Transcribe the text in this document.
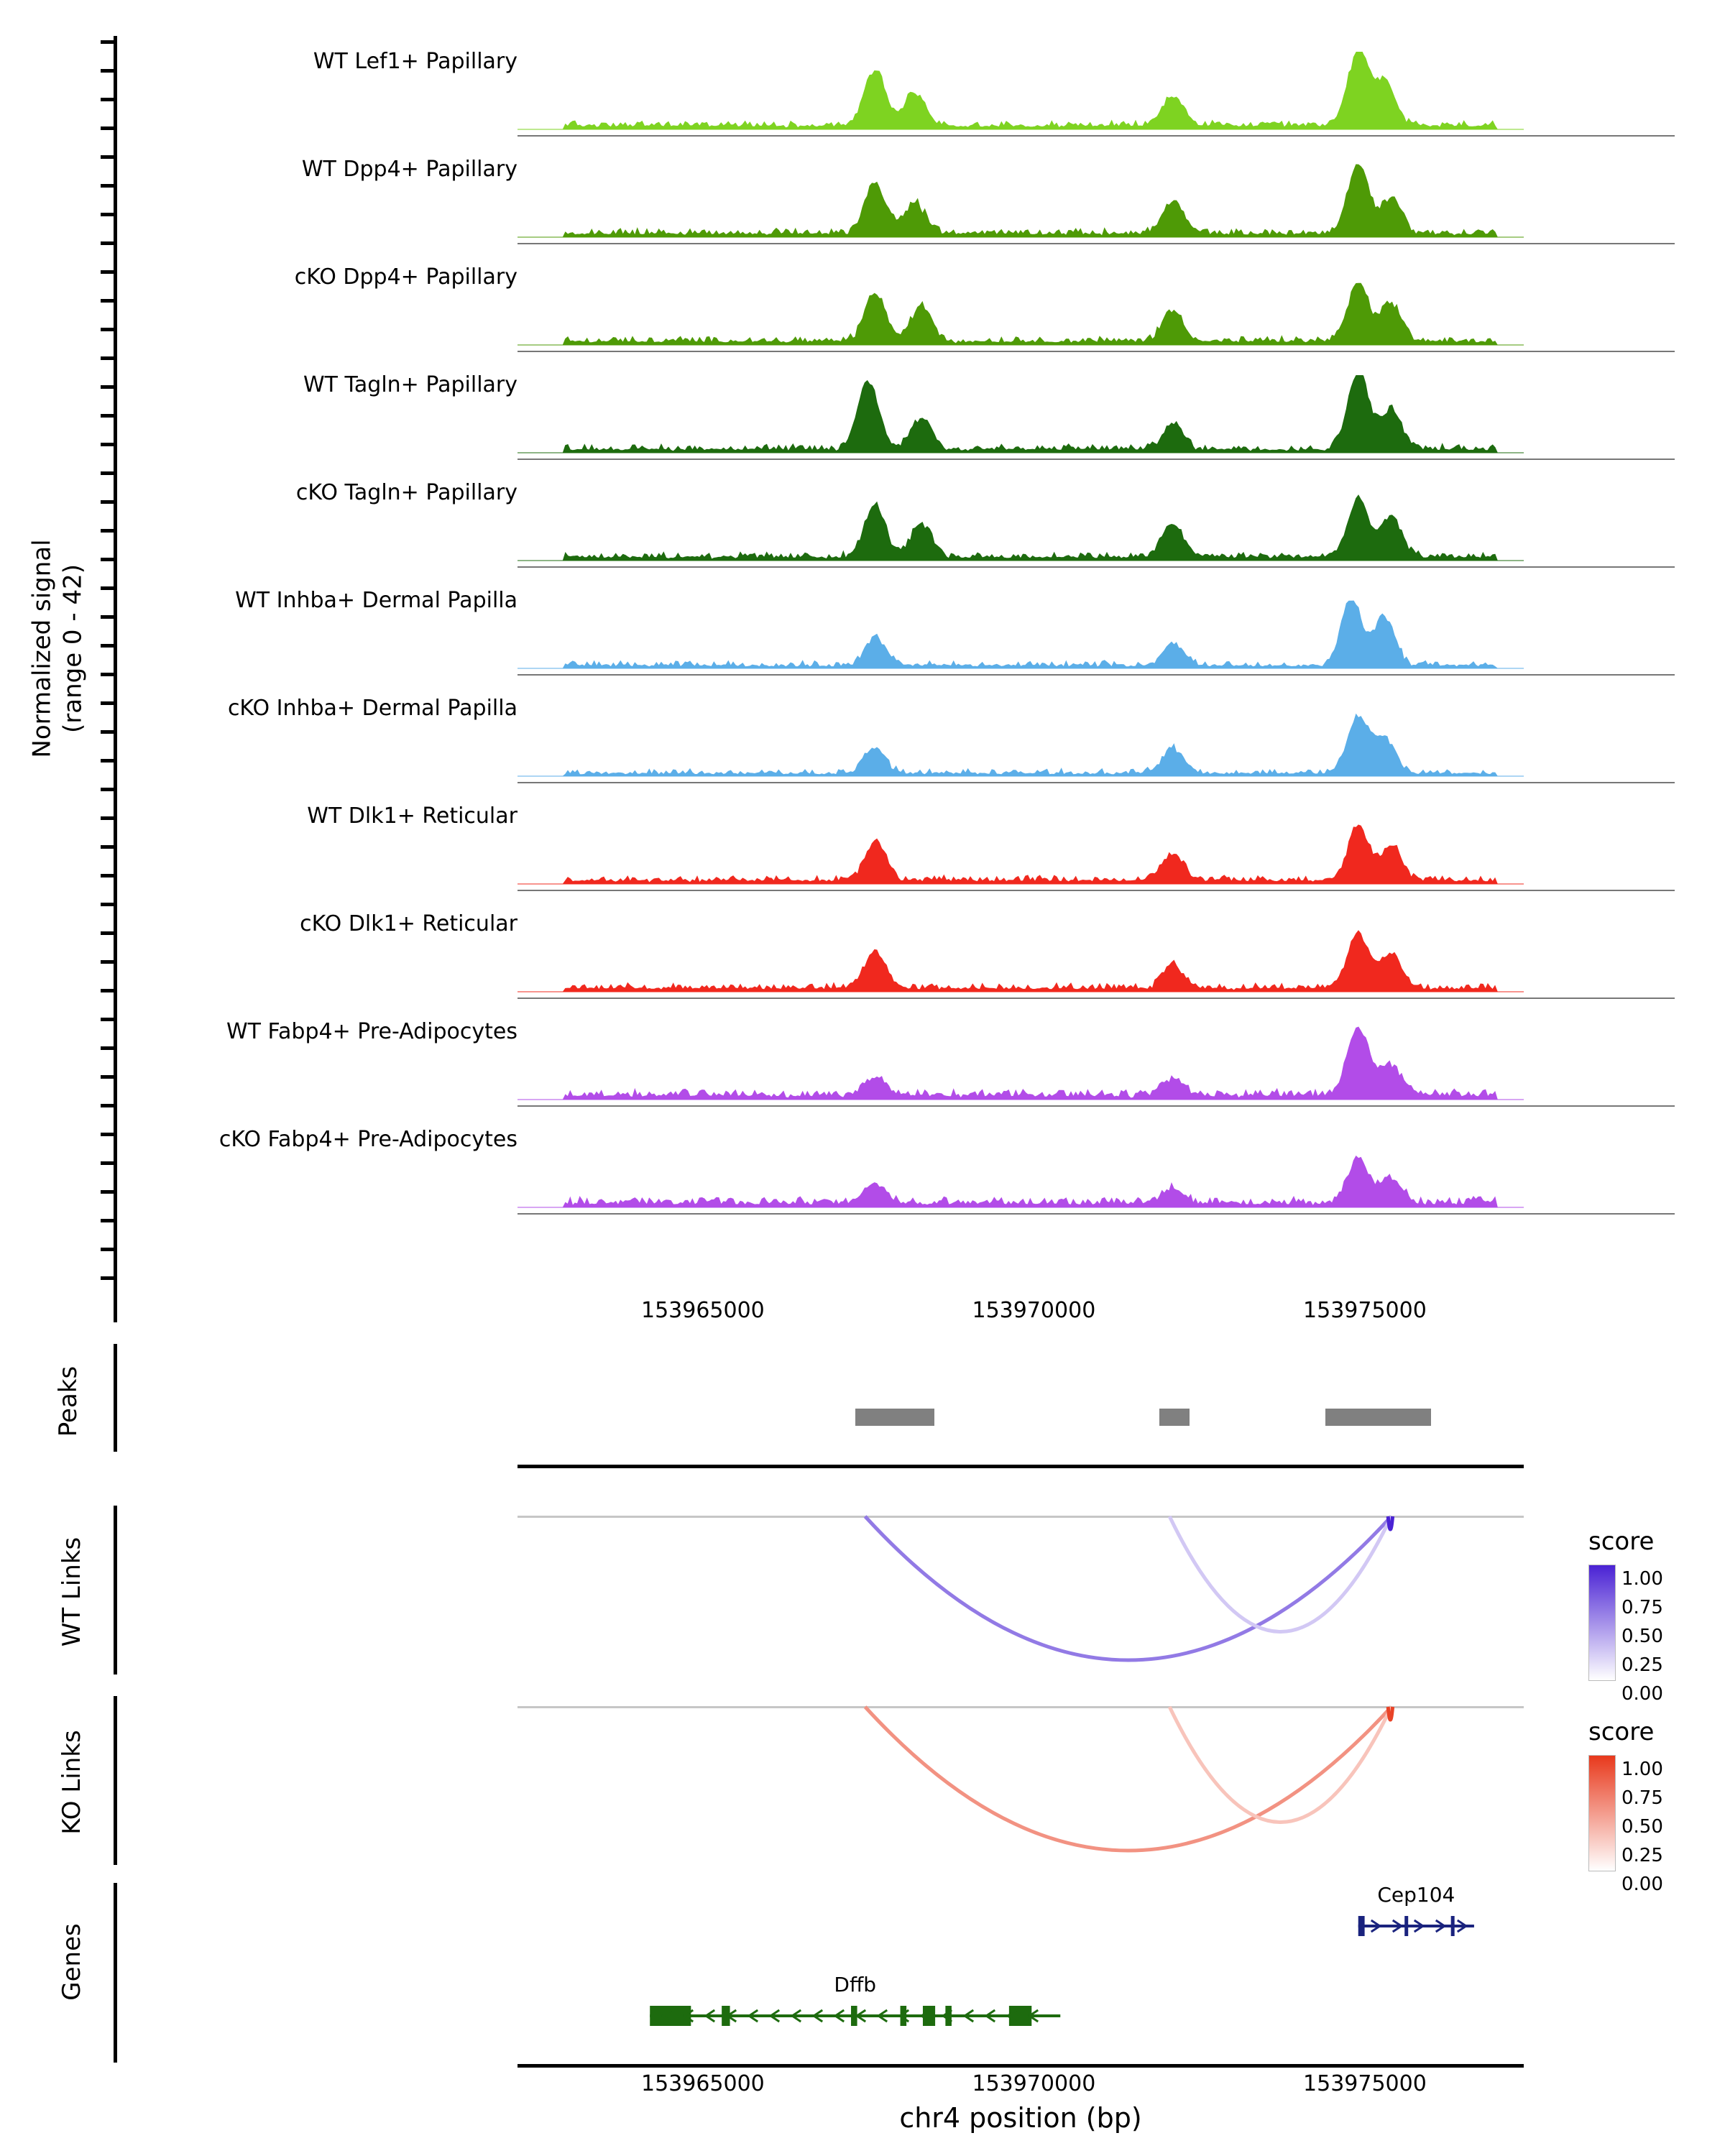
Normalized signal (range 0 - 42)
WT Lef1+ Papillary
WT Dpp4+ Papillary
cKO Dpp4+ Papillary
WT Tagln+ Papillary
cKO Tagln+ Papillary
WT Inhba+ Dermal Papilla
cKO Inhba+ Dermal Papilla
WT Dlk1+ Reticular
cKO Dlk1+ Reticular
WT Fabp4+ Pre-Adipocytes
cKO Fabp4+ Pre-Adipocytes
Peaks
153965000	153970000	153975000
WT Links	score
1.00
0.75
0.50
0.25
0.00
KO Links	score
1.00
0.75
0.50
0.25
0.00
Genes
Cep104
Dffb
153965000	153970000	153975000
chr4 position (bp)
